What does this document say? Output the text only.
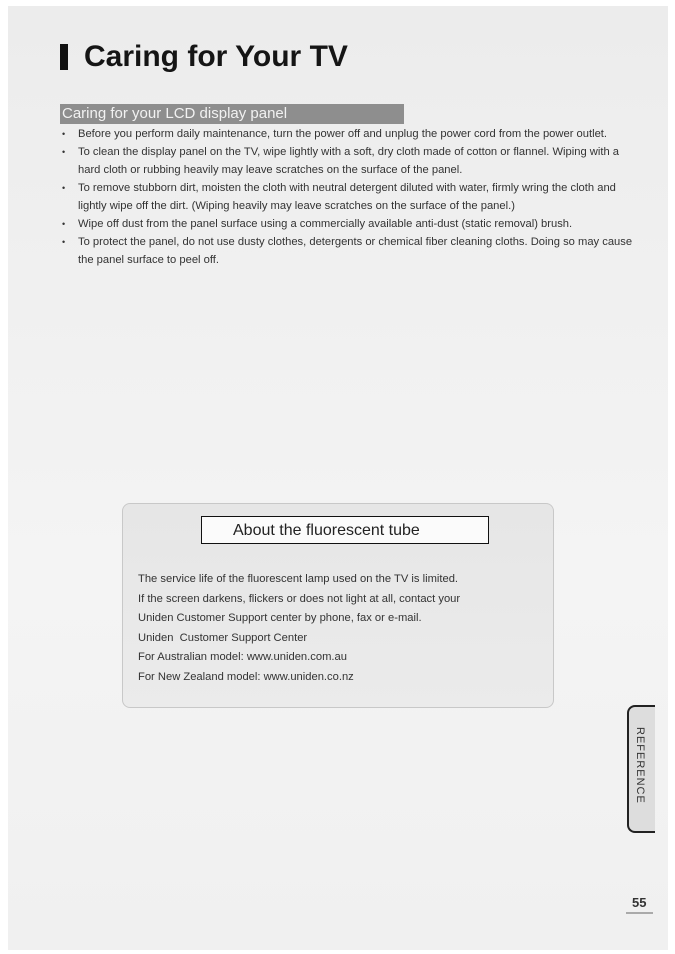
Caring for Your TV
Caring for your LCD display panel
• Before you perform daily maintenance, turn the power off and unplug the power cord from the power outlet.
• To clean the display panel on the TV, wipe lightly with a soft, dry cloth made of cotton or flannel. Wiping with a hard cloth or rubbing heavily may leave scratches on the surface of the panel.
• To remove stubborn dirt, moisten the cloth with neutral detergent diluted with water, firmly wring the cloth and lightly wipe off the dirt. (Wiping heavily may leave scratches on the surface of the panel.)
• Wipe off dust from the panel surface using a commercially available anti-dust (static removal) brush.
• To protect the panel, do not use dusty clothes, detergents or chemical fiber cleaning cloths. Doing so may cause the panel surface to peel off.
About the fluorescent tube
The service life of the fluorescent lamp used on the TV is limited.
If the screen darkens, flickers or does not light at all, contact your
Uniden Customer Support center by phone, fax or e-mail.
Uniden  Customer Support Center
For Australian model: www.uniden.com.au
For New Zealand model: www.uniden.co.nz
REFERENCE
55
